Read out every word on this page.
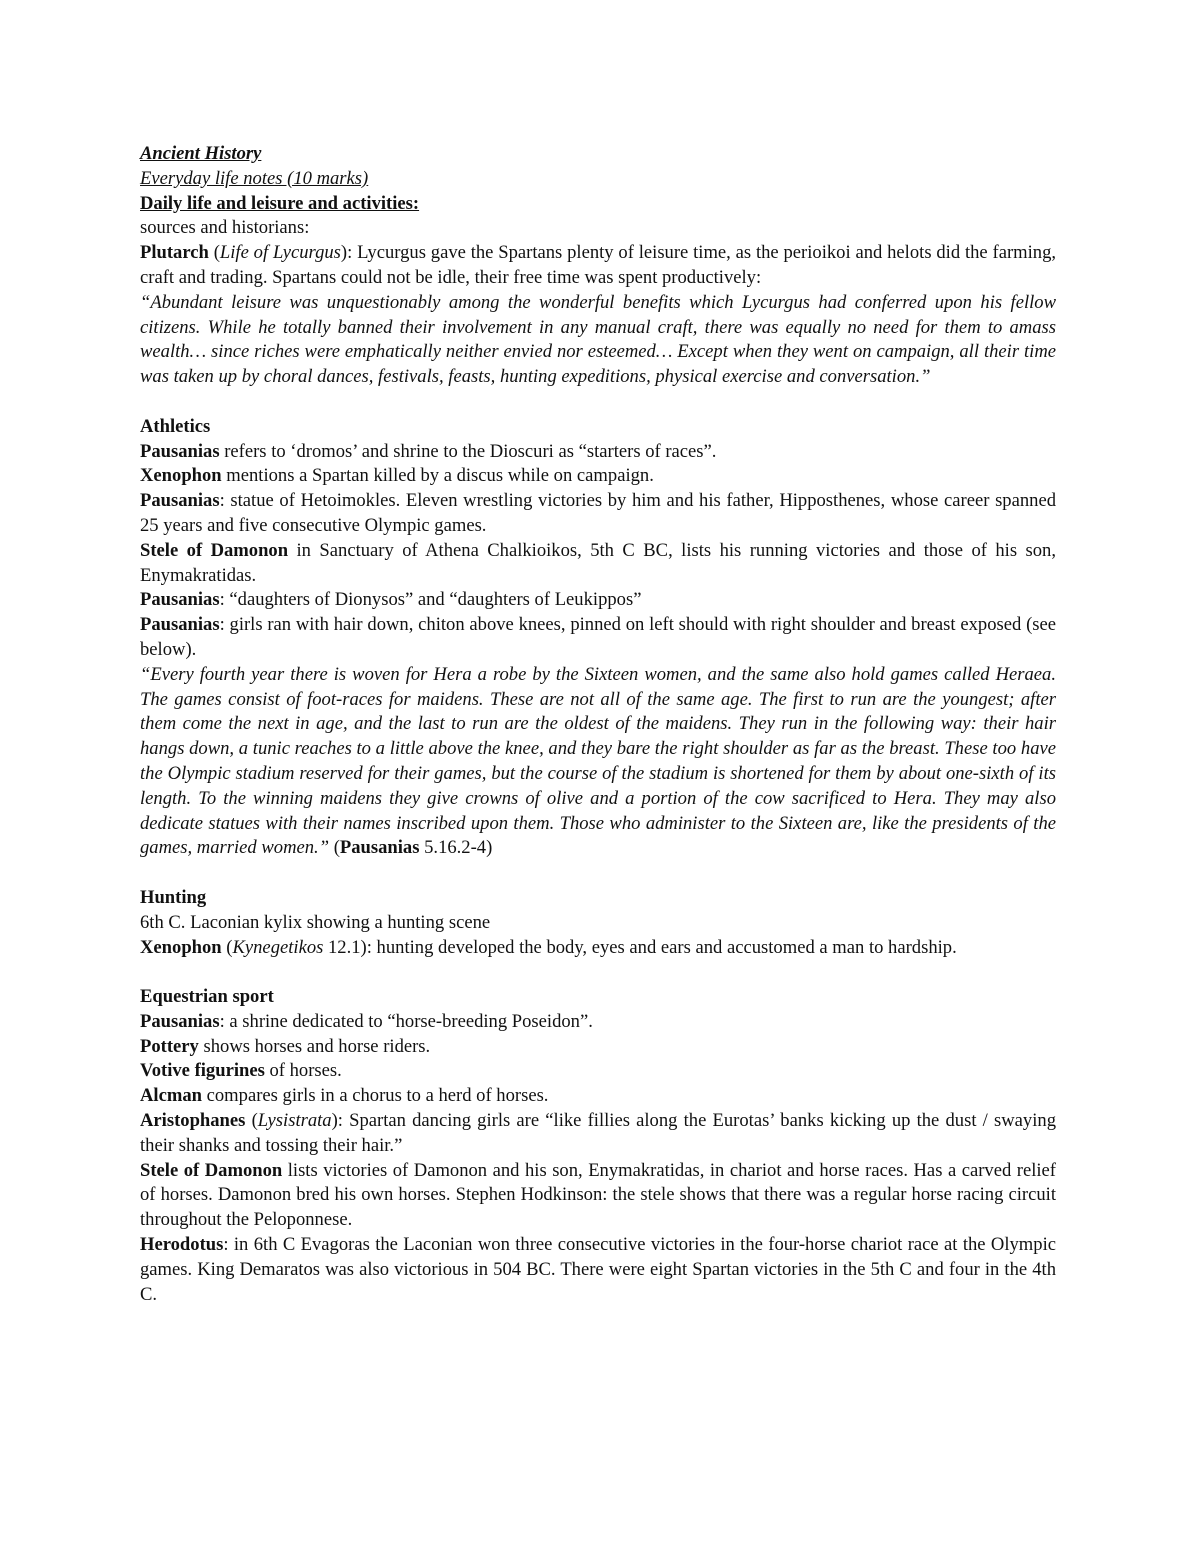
Ancient History
Everyday life notes (10 marks)
Daily life and leisure and activities:
sources and historians:
Plutarch (Life of Lycurgus): Lycurgus gave the Spartans plenty of leisure time, as the perioikoi and helots did the farming, craft and trading. Spartans could not be idle, their free time was spent productively:
“Abundant leisure was unquestionably among the wonderful benefits which Lycurgus had conferred upon his fellow citizens. While he totally banned their involvement in any manual craft, there was equally no need for them to amass wealth… since riches were emphatically neither envied nor esteemed… Except when they went on campaign, all their time was taken up by choral dances, festivals, feasts, hunting expeditions, physical exercise and conversation.”
Athletics
Pausanias refers to ‘dromos’ and shrine to the Dioscuri as “starters of races”.
Xenophon mentions a Spartan killed by a discus while on campaign.
Pausanias: statue of Hetoimokles. Eleven wrestling victories by him and his father, Hipposthenes, whose career spanned 25 years and five consecutive Olympic games.
Stele of Damonon in Sanctuary of Athena Chalkioikos, 5th C BC, lists his running victories and those of his son, Enymakratidas.
Pausanias: “daughters of Dionysos” and “daughters of Leukippos”
Pausanias: girls ran with hair down, chiton above knees, pinned on left should with right shoulder and breast exposed (see below).
“Every fourth year there is woven for Hera a robe by the Sixteen women, and the same also hold games called Heraea. The games consist of foot-races for maidens. These are not all of the same age. The first to run are the youngest; after them come the next in age, and the last to run are the oldest of the maidens. They run in the following way: their hair hangs down, a tunic reaches to a little above the knee, and they bare the right shoulder as far as the breast. These too have the Olympic stadium reserved for their games, but the course of the stadium is shortened for them by about one-sixth of its length. To the winning maidens they give crowns of olive and a portion of the cow sacrificed to Hera. They may also dedicate statues with their names inscribed upon them. Those who administer to the Sixteen are, like the presidents of the games, married women.” (Pausanias 5.16.2-4)
Hunting
6th C. Laconian kylix showing a hunting scene
Xenophon (Kynegetikos 12.1): hunting developed the body, eyes and ears and accustomed a man to hardship.
Equestrian sport
Pausanias: a shrine dedicated to “horse-breeding Poseidon”.
Pottery shows horses and horse riders.
Votive figurines of horses.
Alcman compares girls in a chorus to a herd of horses.
Aristophanes (Lysistrata): Spartan dancing girls are “like fillies along the Eurotas’ banks kicking up the dust / swaying their shanks and tossing their hair.”
Stele of Damonon lists victories of Damonon and his son, Enymakratidas, in chariot and horse races. Has a carved relief of horses. Damonon bred his own horses. Stephen Hodkinson: the stele shows that there was a regular horse racing circuit throughout the Peloponnese.
Herodotus: in 6th C Evagoras the Laconian won three consecutive victories in the four-horse chariot race at the Olympic games. King Demaratos was also victorious in 504 BC. There were eight Spartan victories in the 5th C and four in the 4th C.
